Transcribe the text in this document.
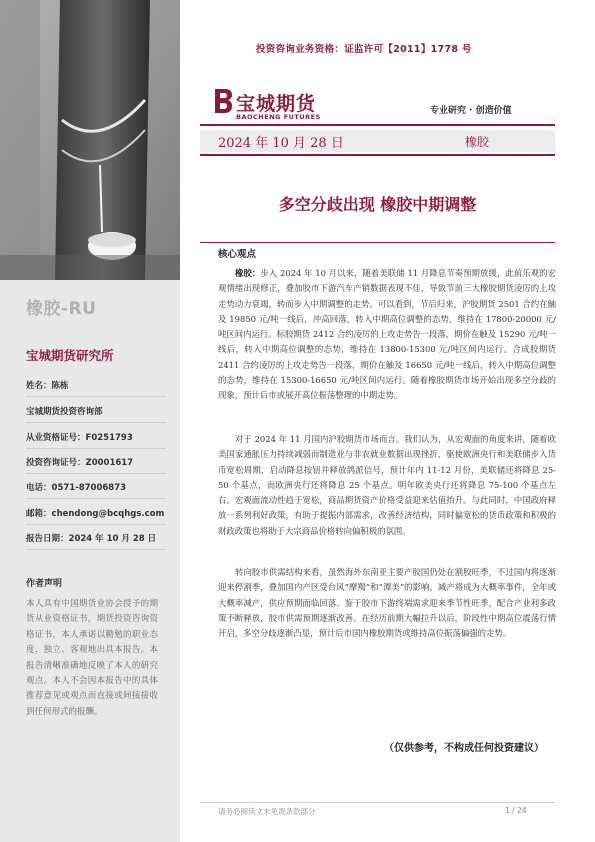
橡胶-RU
宝城期货研究所
姓名：陈栋
宝城期货投资咨询部
从业资格证号：F0251793
投资咨询证号：Z0001617
电话：0571-87006873
邮箱：chendong@bcqhgs.com
报告日期：2024 年 10 月 28 日
作者声明
本人具有中国期货业协会授予的期货从业资格证书，期货投资咨询资格证书，本人承诺以勤勉的职业态度，独立、客观地出具本报告。本报告清晰准确地反映了本人的研究观点。本人不会因本报告中的具体推荐意见或观点而直接或间接接收到任何形式的报酬。
投资咨询业务资格：证监许可【2011】1778 号
宝城期货
BAOCHENG FUTURES
专业研究 · 创造价值
2024 年 10 月 28 日	橡胶
多空分歧出现 橡胶中期调整
核心观点
橡胶：步入 2024 年 10 月以来，随着美联储 11 月降息节奏预期放缓，此前乐观的宏观情绪出现修正，叠加胶市下游汽车产销数据表现不佳，导致节前三大橡胶期货凌厉的上攻走势动力衰竭，转而步入中期调整的走势。可以看到，节后归来，沪胶期货 2501 合约在触及 19850 元/吨一线后，冲高回落，转入中期高位调整的态势，维持在 17800-20000 元/吨区间内运行。标胶期货 2412 合约凌厉的上攻走势告一段落，期价在触及 15290 元/吨一线后，转入中期高位调整的态势，维持在 13800-15300 元/吨区间内运行。合成胶期货 2411 合约凌厉的上攻走势告一段落，期价在触及 16650 元/吨一线后，转入中期高位调整的态势，维持在 15300-16650 元/吨区间内运行。随着橡胶期货市场开始出现多空分歧的现象，预计后市或展开高位振荡整理的中期走势。
对于 2024 年 11 月国内沪胶期货市场而言。我们认为，从宏观面的角度来讲，随着欧美国家通胀压力持续减弱而制造业与非农就业数据出现挫折，驱使欧洲央行和美联储步入货币宽松周期，启动降息按钮并释放鸽派信号，预计年内 11-12 月份，美联储还将降息 25-50 个基点，而欧洲央行还将降息 25 个基点。明年欧美央行还将降息 75-100 个基点左右。宏观面流动性趋于宽松，商品期货资产价格受益迎来估值抬升。与此同时，中国政府释放一系列利好政策，有助于提振内部需求，改善经济结构，同时偏宽松的货币政策和积极的财政政策也将助于大宗商品价格转向偏积极的氛围。
转向胶市供需结构来看，虽然海外东南亚主要产胶国仍处在割胶旺季，不过国内将逐渐迎来停割季，叠加国内产区受台风“摩羯”和“潭美”的影响，减产将成为大概率事件，全年或大概率减产，供应预期面临回落。鉴于胶市下游终端需求迎来季节性旺季，配合产业利多政策不断释放，胶市供需预期逐渐改善。在经历前期大幅拉升以后，阶段性中期高位震荡行情开启，多空分歧逐渐凸显，预计后市国内橡胶期货或维持高位振荡偏强的走势。
（仅供参考，不构成任何投资建议）
请务必阅读文末免责条款部分	1 / 24
